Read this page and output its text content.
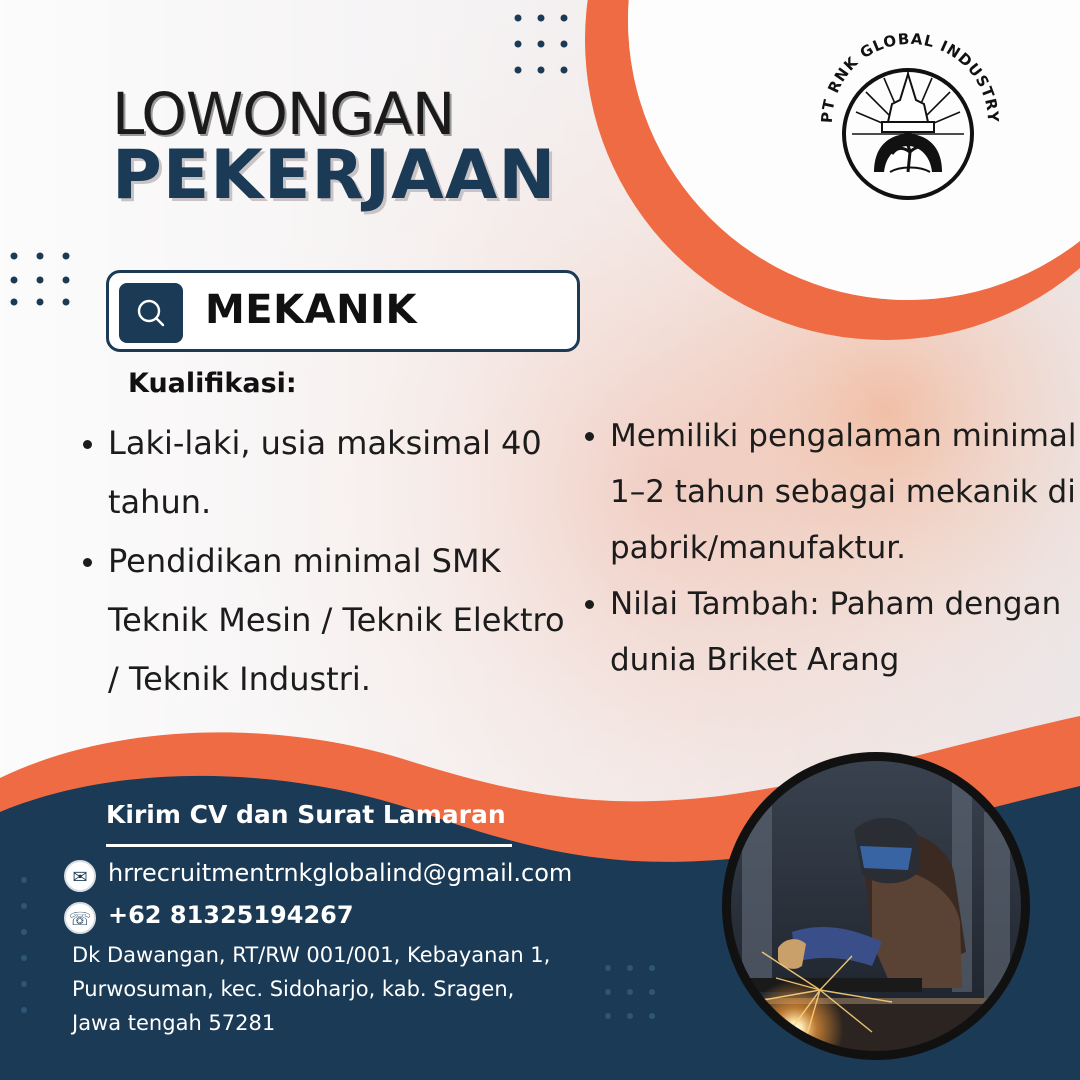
PT RNK GLOBAL INDUSTRY
LOWONGAN
PEKERJAAN
MEKANIK
Kualifikasi:
• Laki-laki, usia maksimal 40 tahun.
• Pendidikan minimal SMK Teknik Mesin / Teknik Elektro / Teknik Industri.
• Memiliki pengalaman minimal 1–2 tahun sebagai mekanik di pabrik/manufaktur.
• Nilai Tambah: Paham dengan dunia Briket Arang
Kirim CV dan Surat Lamaran
✉ hrrecruitmentrnkglobalind@gmail.com
☏ +62 81325194267

Dk Dawangan, RT/RW 001/001, Kebayanan 1,
Purwosuman, kec. Sidoharjo, kab. Sragen,
Jawa tengah 57281
